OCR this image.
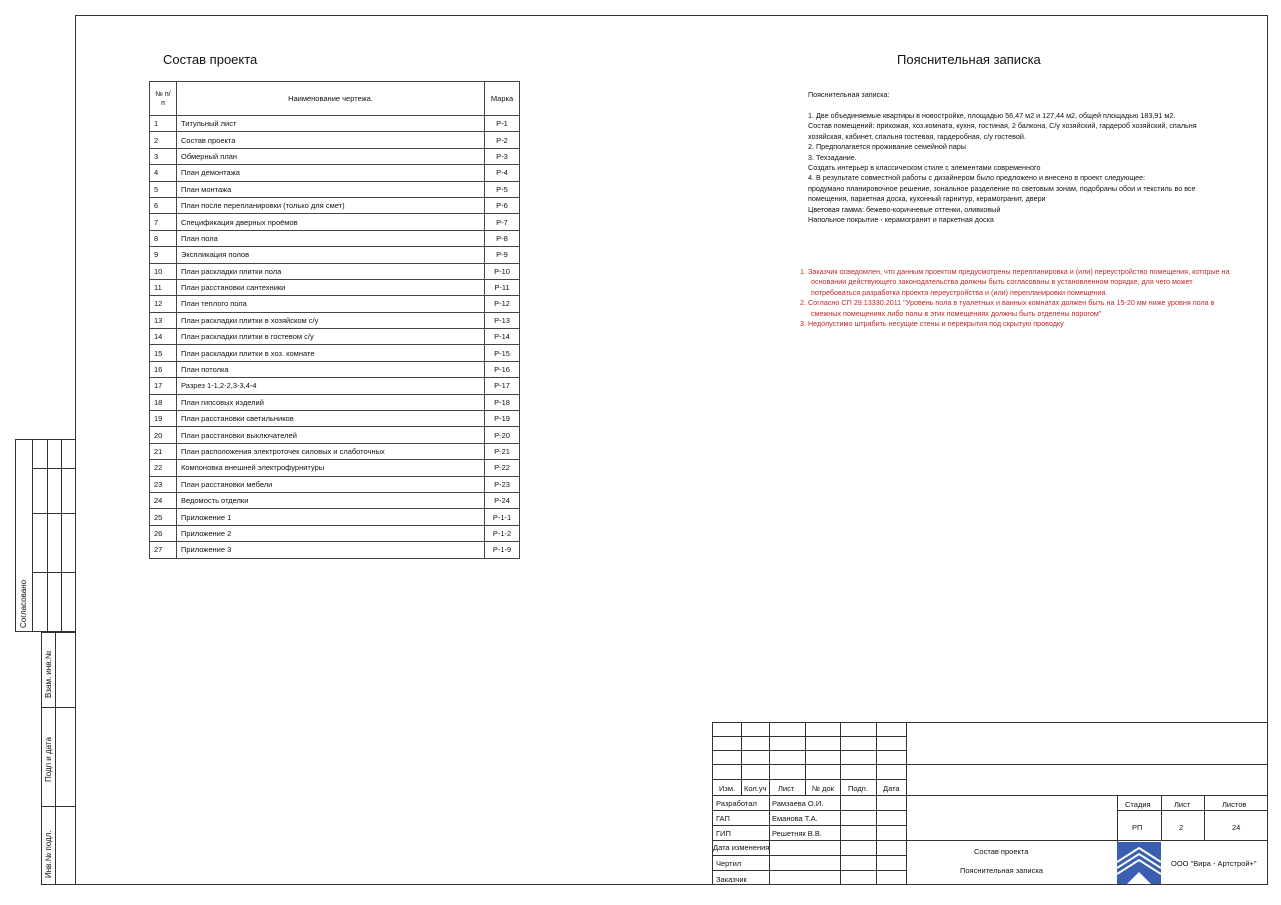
Согласовано
Взам. инв.№
Подп и дата
Инв.№ подл.
Состав проекта
№ п/п	Наименование чертежа.	Марка
1	Титульный лист	Р-1
2	Состав проекта	Р-2
3	Обмерный план	Р-3
4	План демонтажа	Р-4
5	План монтажа	Р-5
6	План после перепланировки (только для смет)	Р-6
7	Спецификация дверных проёмов	Р-7
8	План пола	Р-8
9	Экспликация полов	Р-9
10	План раскладки плитки пола	Р-10
11	План расстановки сантехники	Р-11
12	План теплого пола	Р-12
13	План раскладки плитки в хозяйском с/у	Р-13
14	План раскладки плитки в гостевом с/у	Р-14
15	План раскладки плитки в хоз. комнате	Р-15
16	План потолка	Р-16
17	Разрез 1-1,2-2,3-3,4-4	Р-17
18	План гипсовых изделий	Р-18
19	План расстановки светильников	Р-19
20	План расстановки выключателей	Р-20
21	План расположения электроточек силовых и слаботочных	Р-21
22	Компоновка внешней электрофурнитуры	Р-22
23	План расстановки мебели	Р-23
24	Ведомость отделки	Р-24
25	Приложение 1	Р-1-1
26	Приложение 2	Р-1-2
27	Приложение 3	Р-1-9
Пояснительная записка
Пояснительная записка:
1. Две объединяемые квартиры в новостройке, площадью 56,47 м2 и 127,44 м2, общей площадью 183,91 м2.
Состав помещений: прихожая, хоз.комната, кухня, гостиная, 2 балкона, С/у хозяйский, гардероб хозяйский, спальня
хозяйская, кабинет, спальня гостевая, гардеробная, с/у гостевой.
2. Предполагается проживание семейной пары
3. Техзадание.
Создать интерьер в классическом стиле с элементами современного
4. В результате совместной работы с дизайнером было предложено и внесено в проект следующее:
продумано планировочное решение, зональное разделение по световым зонам, подобраны обои и текстиль во все
помещения, паркетная доска, кухонный гарнитур, керамогранит, двери
Цветовая гамма: бежево-коричневые оттенки, оливковый
Напольное покрытие - керамогранит и паркетная доска

1. Заказчик осведомлен, что данным проектом предусмотрены перепланировка и (или) переустройство помещения, которые на

основании действующего законодательства должны быть согласованы в установленном порядке, для чего может

потребоваться разработка проекта переустройства и (или) перепланировки помещения.

2. Согласно СП 29.13330.2011 "Уровень пола в туалетных и ванных комнатах должен быть на 15-20 мм ниже уровня пола в

смежных помещениях либо полы в этих помещениях должны быть отделены порогом"

3. Недопустимо штрабить несущие стены и перекрытия под скрытую проводку

Изм. Кол.уч Лист № док Подп. Дата
Разработал Рамзаева О.И.
ГАП	Еманова Т.А.
ГИП	Решетняк В.В.
Дата изменения
Чертил
Заказчик
Стадия	Лист	Листов
РП	2	24
Состав проекта
Пояснительная записка
ООО "Вира - Артстрой+"
